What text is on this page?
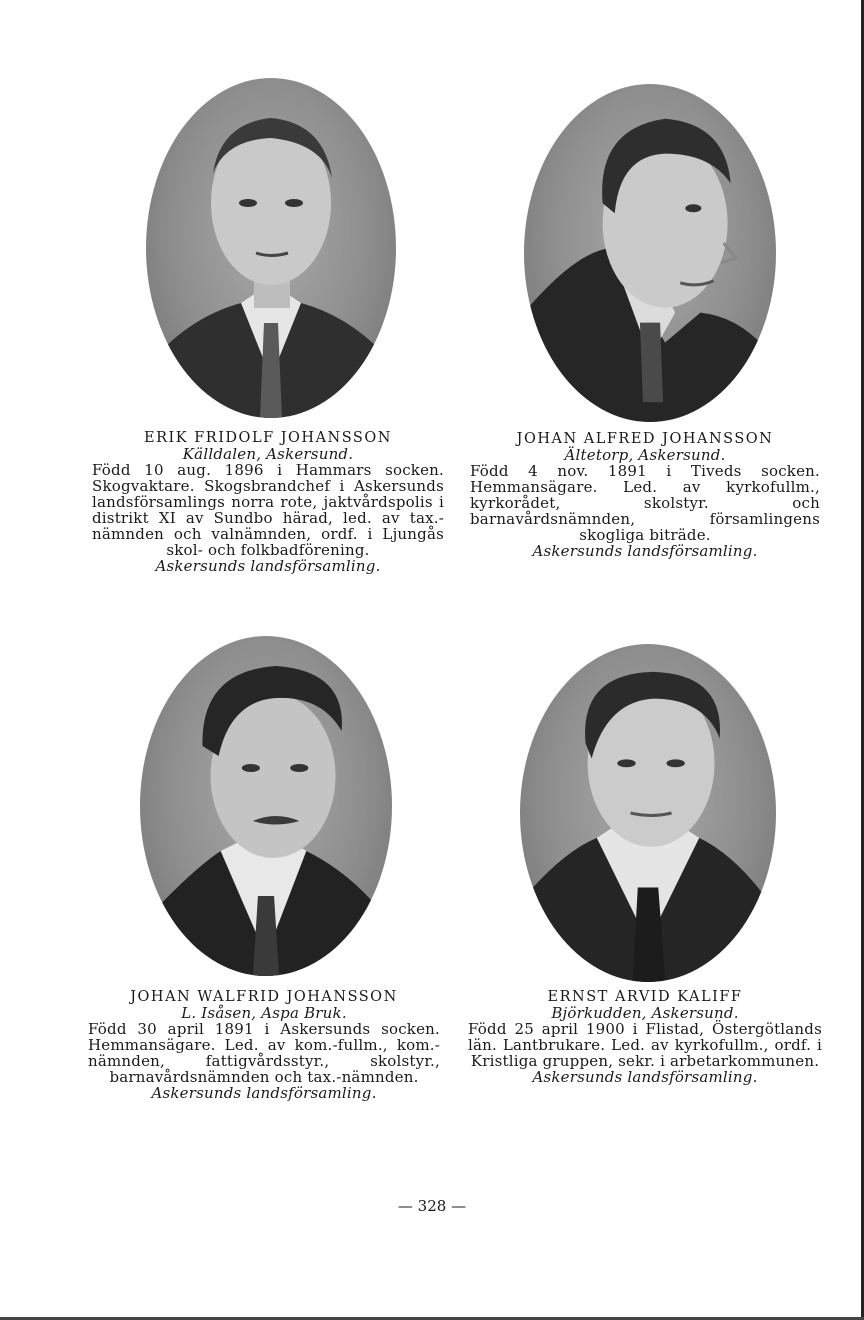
ERIK FRIDOLF JOHANSSON
Källdalen, Askersund.

Född 10 aug. 1896 i Hammars socken. Skogvaktare. Skogsbrandchef i Askersunds landsförsamlings norra rote, jaktvårdspolis i distrikt XI av Sundbo härad, led. av tax.-nämnden och valnämnden, ordf. i Ljungås skol- och folkbadförening.

Askersunds landsförsamling.
JOHAN ALFRED JOHANSSON
Ältetorp, Askersund.

Född 4 nov. 1891 i Tiveds socken. Hemmansägare. Led. av kyrkofullm., kyrkorådet, skolstyr. och barnavårdsnämnden, församlingens skogliga biträde.

Askersunds landsförsamling.
JOHAN WALFRID JOHANSSON
L. Isåsen, Aspa Bruk.

Född 30 april 1891 i Askersunds socken. Hemmansägare. Led. av kom.-fullm., kom.-nämnden, fattigvårdsstyr., skolstyr., barnavårdsnämnden och tax.-nämnden.

Askersunds landsförsamling.
ERNST ARVID KALIFF
Björkudden, Askersund.

Född 25 april 1900 i Flistad, Östergötlands län. Lantbrukare. Led. av kyrkofullm., ordf. i Kristliga gruppen, sekr. i arbetarkommunen.

Askersunds landsförsamling.
— 328 —
